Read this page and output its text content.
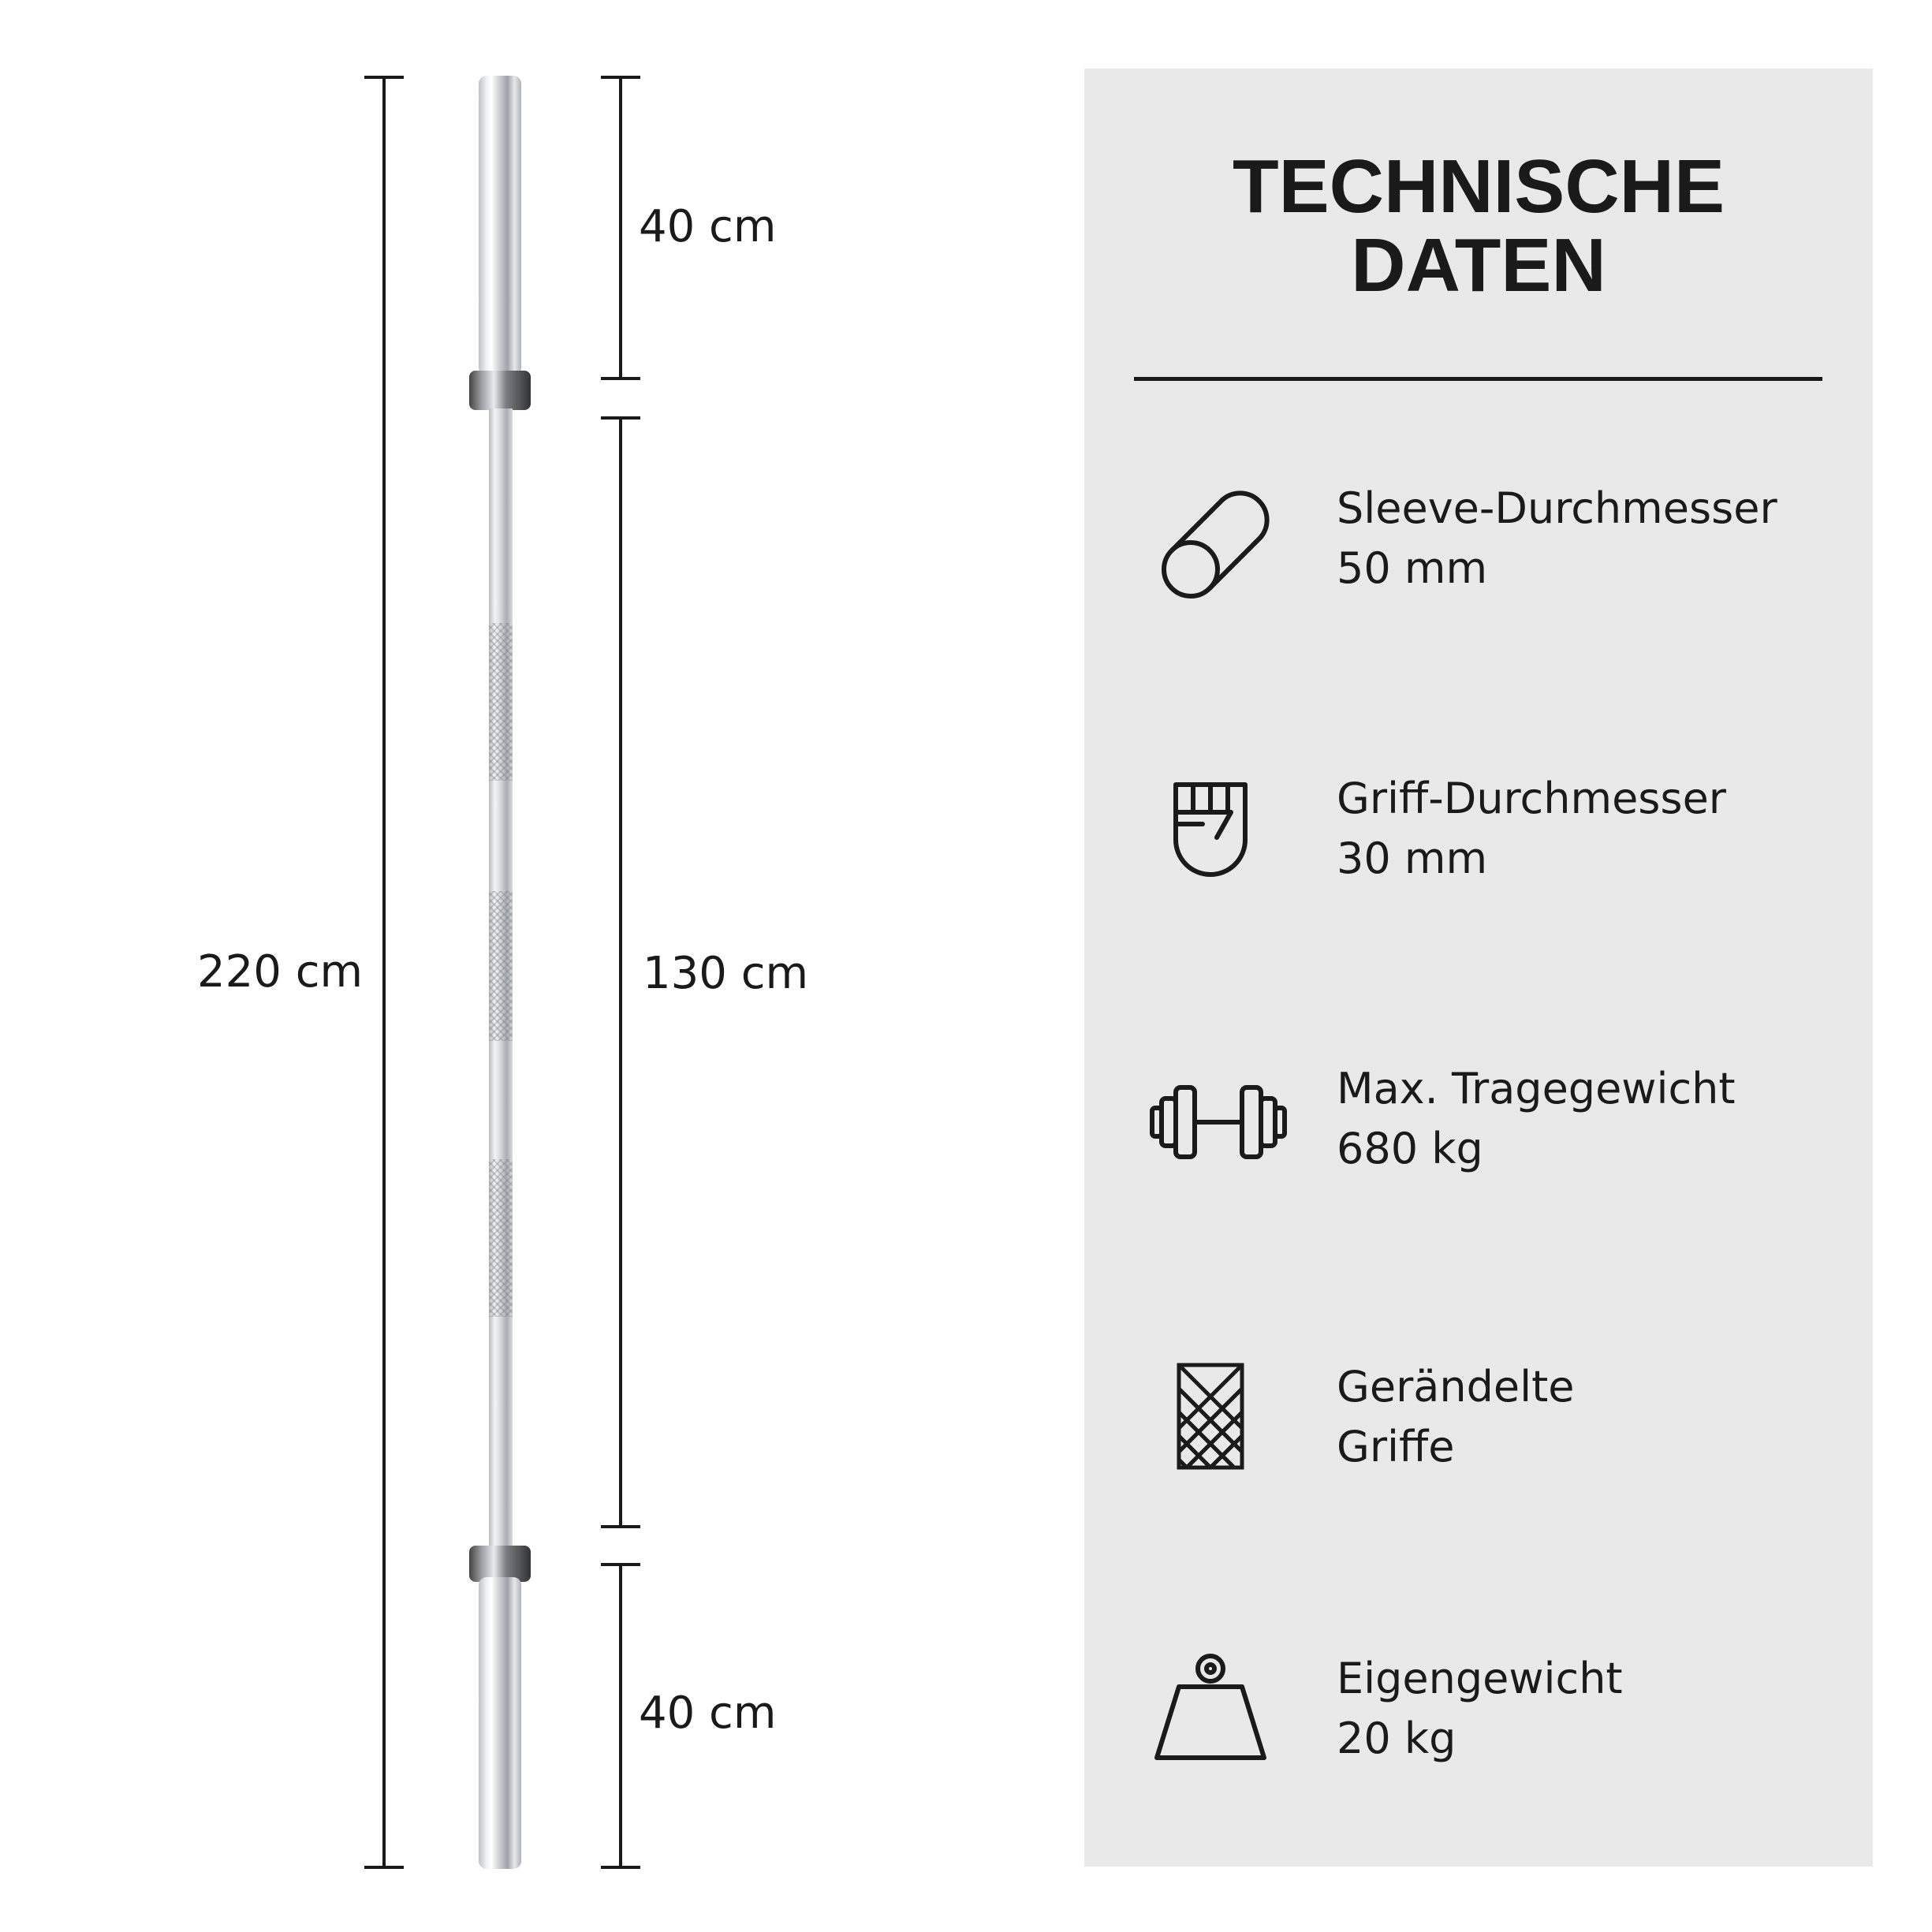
220 cm
40 cm
130 cm
40 cm
TECHNISCHE
DATEN
Sleeve-Durchmesser
50 mm
Griff-Durchmesser
30 mm
Max. Tragegewicht
680 kg
Gerändelte
Griffe
Eigengewicht
20 kg
